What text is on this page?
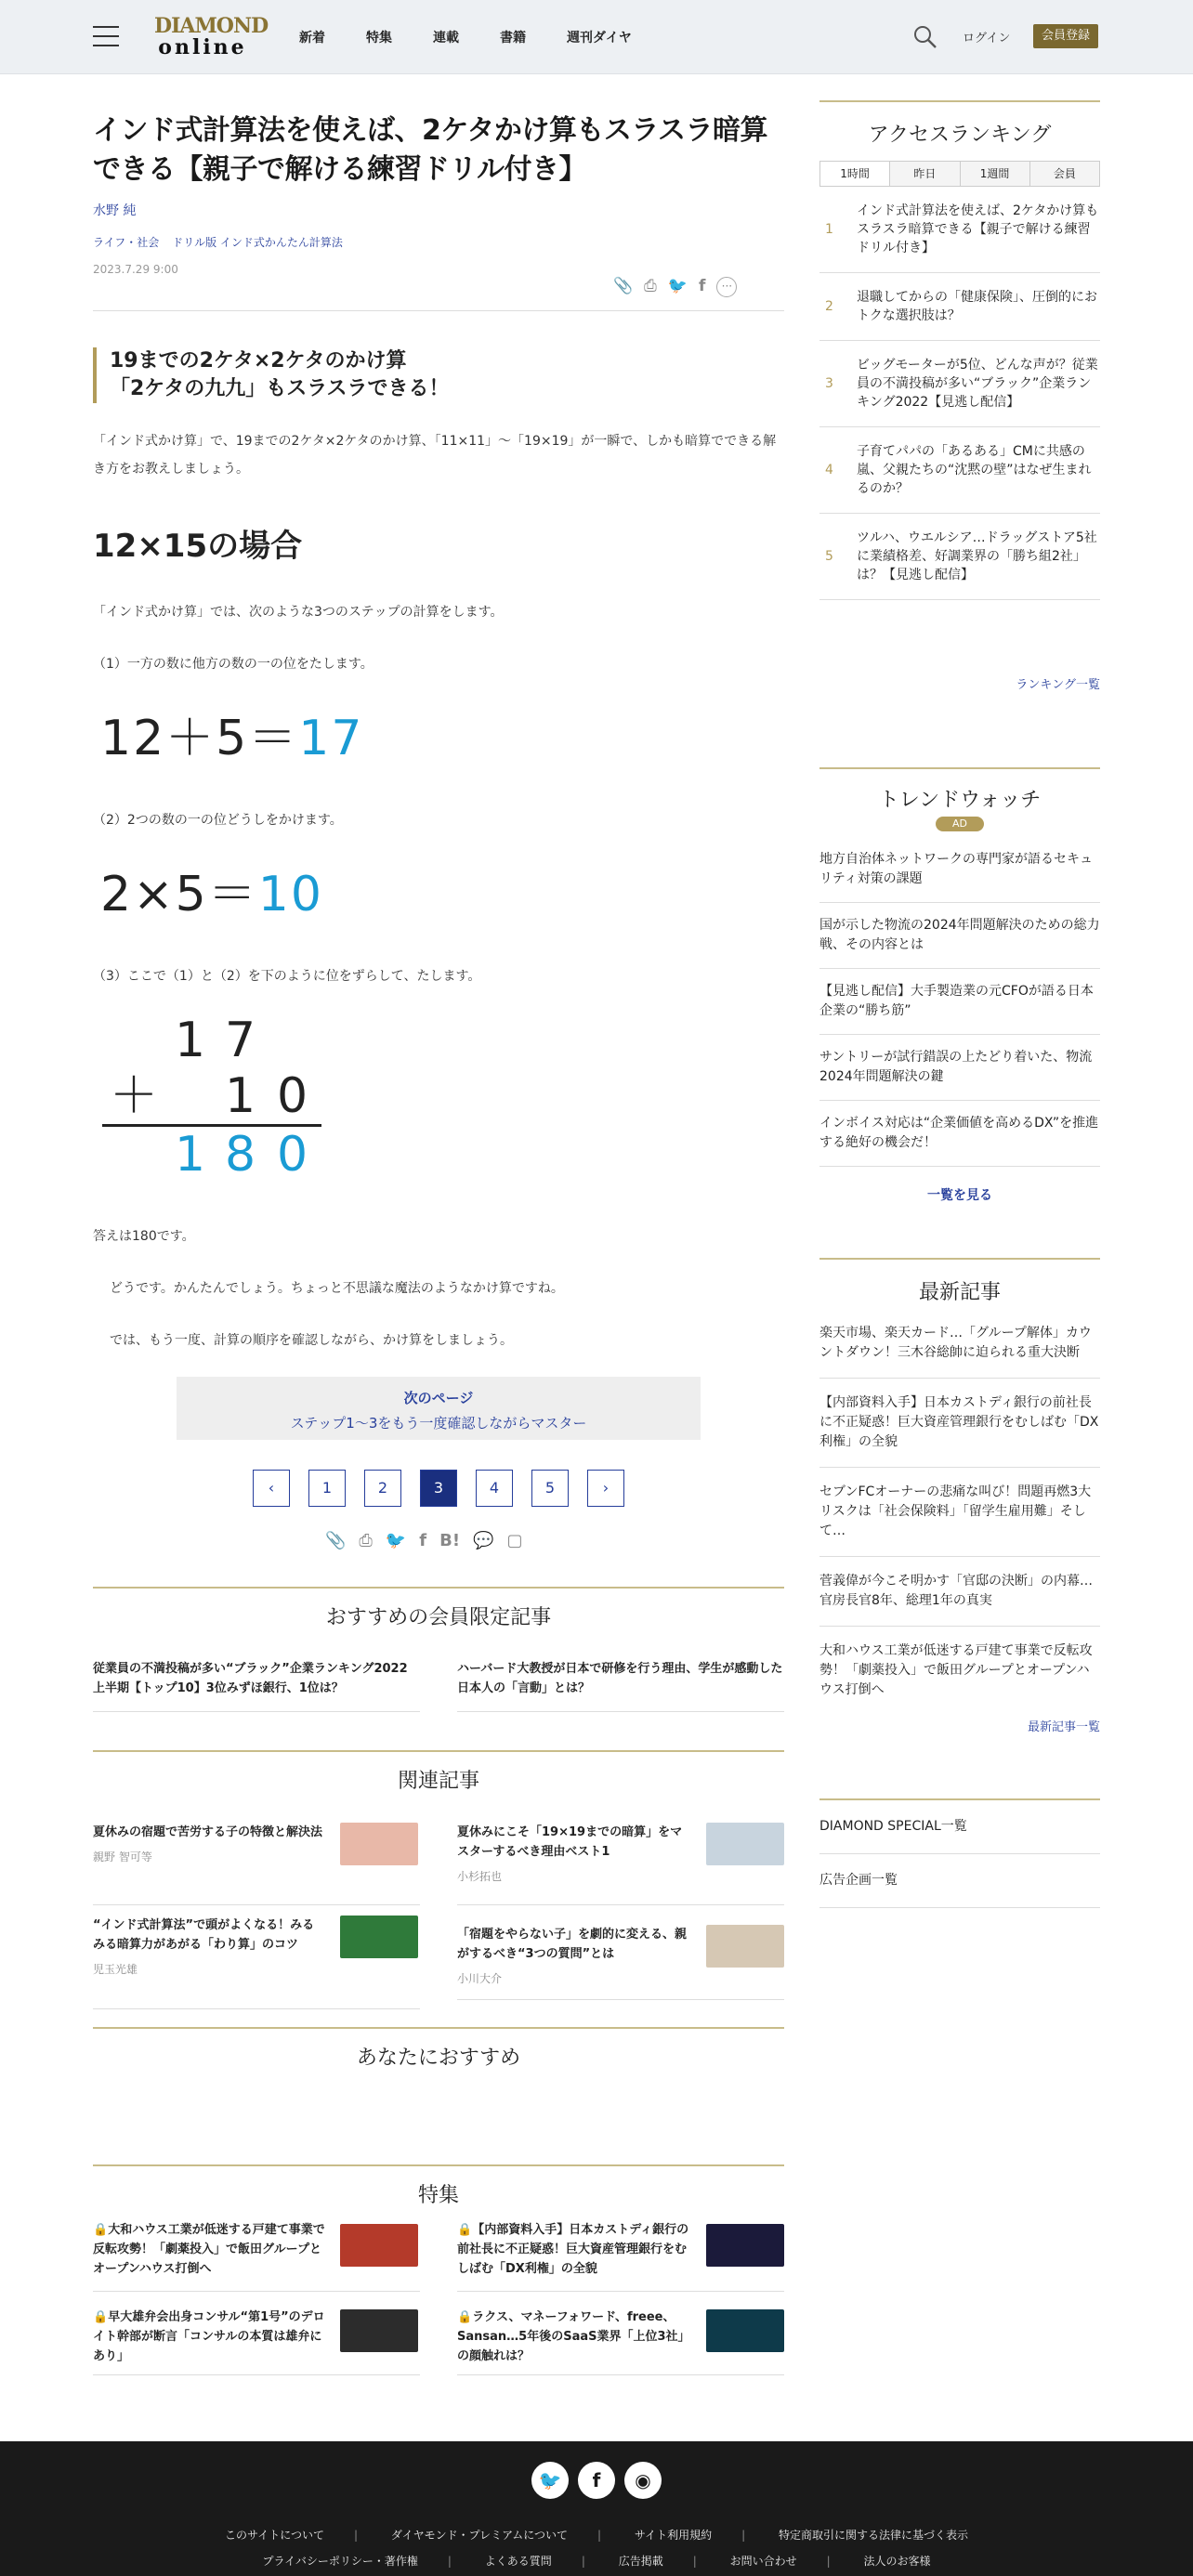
DIAMOND
online	新着	特集	連載	書籍	週刊ダイヤ	ログイン	会員登録
インド式計算法を使えば、2ケタかけ算もスラスラ暗算できる【親子で解ける練習ドリル付き】
水野 純
ライフ・社会 ドリル版 インド式かんたん計算法
2023.7.29 9:00
📎 ⎙ 🐦 f	···
19までの2ケタ×2ケタのかけ算
「2ケタの九九」もスラスラできる！

「インド式かけ算」で、19までの2ケタ×2ケタのかけ算、「11×11」～「19×19」が一瞬で、しかも暗算でできる解き方をお教えしましょう。

12×15の場合

「インド式かけ算」では、次のような3つのステップの計算をします。

（1）一方の数に他方の数の一の位をたします。

12＋5＝17

（2）2つの数の一の位どうしをかけます。

2×5＝10

（3）ここで（1）と（2）を下のように位をずらして、たします。

1 7
＋ 1 0
1 8 0

答えは180です。

どうです。かんたんでしょう。ちょっと不思議な魔法のようなかけ算ですね。

では、もう一度、計算の順序を確認しながら、かけ算をしましょう。

次のページ
ステップ1〜3をもう一度確認しながらマスター
‹	1	2	3	4	5	›
📎 ⎙ 🐦 f B! 💬 ▢
おすすめの会員限定記事
従業員の不満投稿が多い“ブラック”企業ランキング2022上半期【トップ10】3位みずほ銀行、1位は？
ハーバード大教授が日本で研修を行う理由、学生が感動した日本人の「言動」とは？
関連記事
夏休みの宿題で苦労する子の特徴と解決法
親野 智可等
夏休みにこそ「19×19までの暗算」をマスターするべき理由ベスト1
小杉拓也
“インド式計算法”で頭がよくなる！みるみる暗算力があがる「わり算」のコツ
児玉光雄
「宿題をやらない子」を劇的に変える、親がするべき“3つの質問”とは
小川大介
あなたにおすすめ
特集
🔒大和ハウス工業が低迷する戸建て事業で反転攻勢！「劇薬投入」で飯田グループとオープンハウス打倒へ
🔒【内部資料入手】日本カストディ銀行の前社長に不正疑惑！巨大資産管理銀行をむしばむ「DX利権」の全貌
🔒早大雄弁会出身コンサル“第1号”のデロイト幹部が断言「コンサルの本質は雄弁にあり」
🔒ラクス、マネーフォワード、freee、Sansan…5年後のSaaS業界「上位3社」の顔触れは？
アクセスランキング
1時間	昨日	1週間	会員
1
インド式計算法を使えば、2ケタかけ算もスラスラ暗算できる【親子で解ける練習ドリル付き】
2
退職してからの「健康保険」、圧倒的におトクな選択肢は？
3
ビッグモーターが5位、どんな声が？従業員の不満投稿が多い“ブラック”企業ランキング2022【見逃し配信】
4
子育てパパの「あるある」CMに共感の嵐、父親たちの“沈黙の壁”はなぜ生まれるのか？
5
ツルハ、ウエルシア…ドラッグストア5社に業績格差、好調業界の「勝ち組2社」は？【見逃し配信】
ランキング一覧
トレンドウォッチ
AD
地方自治体ネットワークの専門家が語るセキュリティ対策の課題
国が示した物流の2024年問題解決のための総力戦、その内容とは
【見逃し配信】大手製造業の元CFOが語る日本企業の“勝ち筋”
サントリーが試行錯誤の上たどり着いた、物流2024年問題解決の鍵
インボイス対応は“企業価値を高めるDX”を推進する絶好の機会だ！
一覧を見る
最新記事
楽天市場、楽天カード…「グループ解体」カウントダウン！三木谷総帥に迫られる重大決断
【内部資料入手】日本カストディ銀行の前社長に不正疑惑！巨大資産管理銀行をむしばむ「DX利権」の全貌
セブンFCオーナーの悲痛な叫び！問題再燃3大リスクは「社会保険料」「留学生雇用難」そして…
菅義偉が今こそ明かす「官邸の決断」の内幕…官房長官8年、総理1年の真実
大和ハウス工業が低迷する戸建て事業で反転攻勢！「劇薬投入」で飯田グループとオープンハウス打倒へ
最新記事一覧
DIAMOND SPECIAL一覧
広告企画一覧
🐦	f	◉
このサイトについて	|	ダイヤモンド・プレミアムについて	|	サイト利用規約	|	特定商取引に関する法律に基づく表示
プライバシーポリシー・著作権	|	よくある質問	|	広告掲載	|	お問い合わせ	|	法人のお客様
